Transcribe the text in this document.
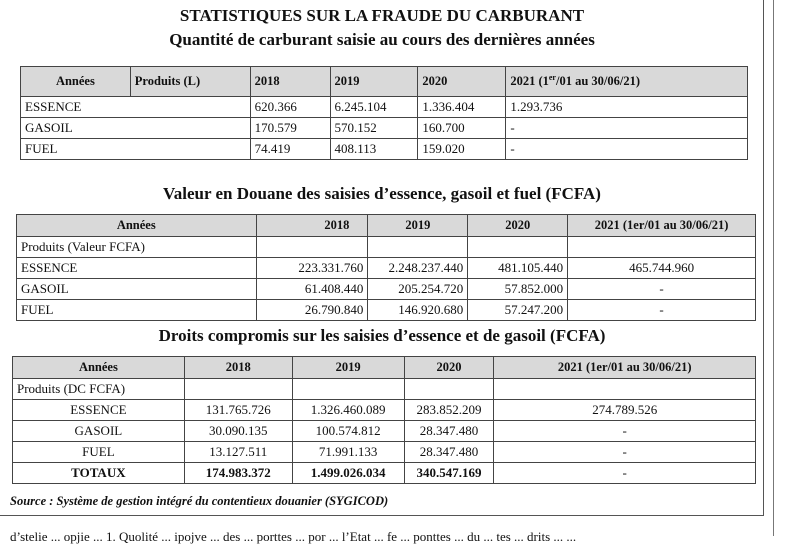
STATISTIQUES SUR LA FRAUDE DU CARBURANT
Quantité de carburant saisie au cours des dernières années
Années	Produits (L)	2018	2019	2020	2021 (1er/01 au 30/06/21)
ESSENCE		620.366	6.245.104	1.336.404	1.293.736
GASOIL		170.579	570.152	160.700	-
FUEL		74.419	408.113	159.020	-
Valeur en Douane des saisies d’essence, gasoil et fuel (FCFA)
Années	2018	2019	2020	2021 (1er/01 au 30/06/21)
Produits (Valeur FCFA)				
ESSENCE	223.331.760	2.248.237.440	481.105.440	465.744.960
GASOIL	61.408.440	205.254.720	57.852.000	-
FUEL	26.790.840	146.920.680	57.247.200	-
Droits compromis sur les saisies d’essence et de gasoil (FCFA)
Années	2018	2019	2020	2021 (1er/01 au 30/06/21)
Produits (DC FCFA)				
ESSENCE	131.765.726	1.326.460.089	283.852.209	274.789.526
GASOIL	30.090.135	100.574.812	28.347.480	-
FUEL	13.127.511	71.991.133	28.347.480	-
TOTAUX	174.983.372	1.499.026.034	340.547.169	-
Source : Système de gestion intégré du contentieux douanier (SYGICOD)
d’stelie ... opjie ... 1. Quolité ... ipojve ... des ... porttes ... por ... l’Etat ... fe ... ponttes ... du ... tes ... drits ... ...
